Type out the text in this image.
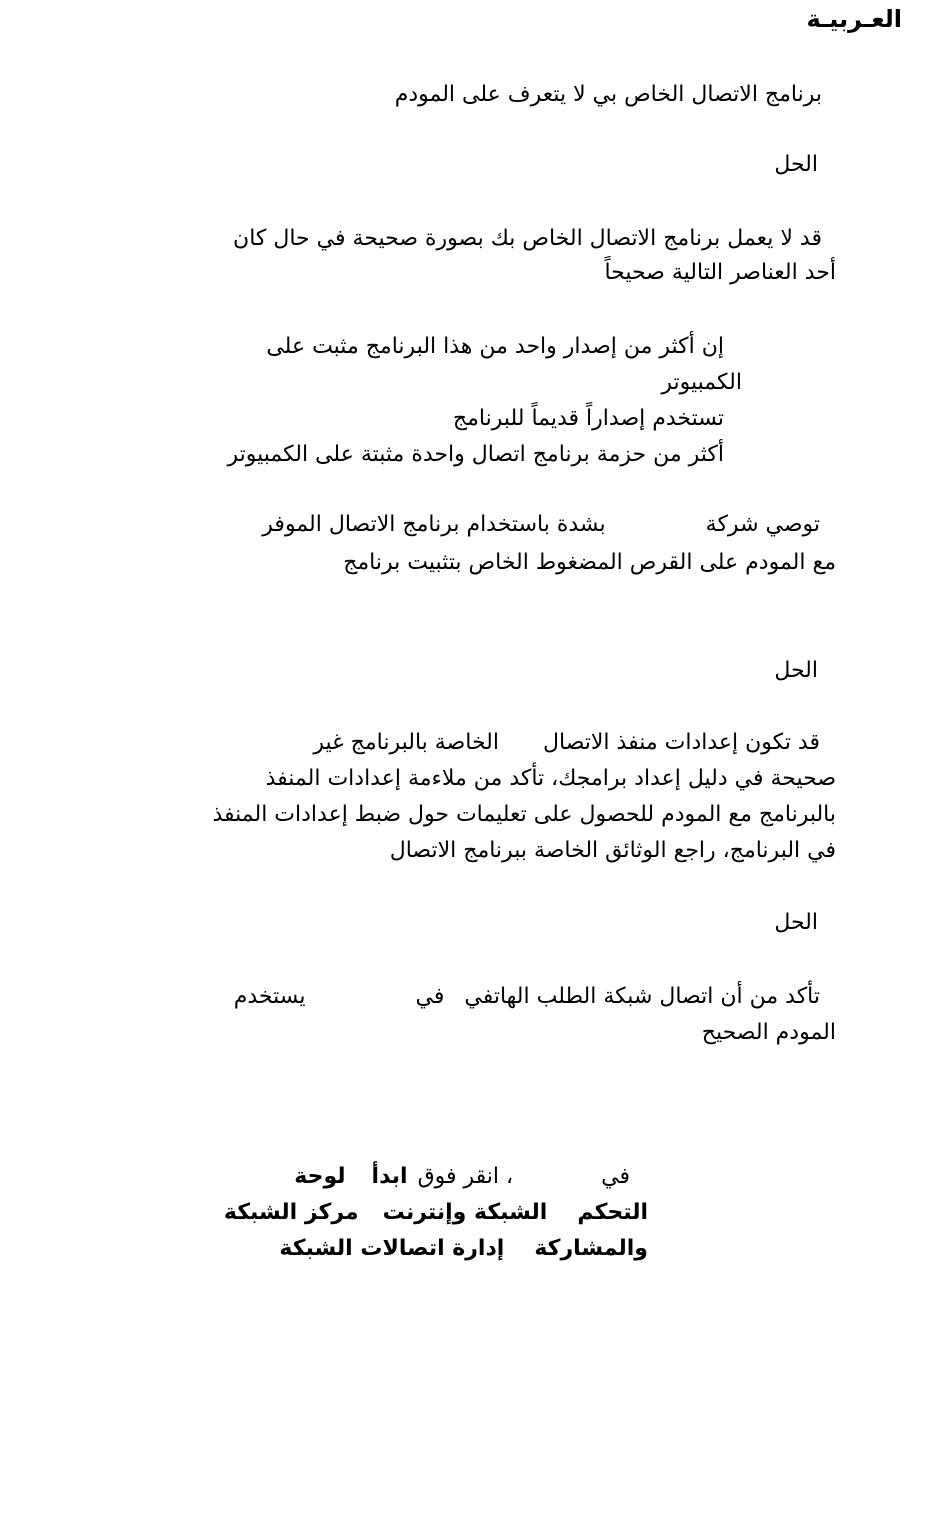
العـربيـة
برنامج الاتصال الخاص بي لا يتعرف على المودم
الحل
قد لا يعمل برنامج الاتصال الخاص بك بصورة صحيحة في حال كان
أحد العناصر التالية صحيحاً
إن أكثر من إصدار واحد من هذا البرنامج مثبت على
الكمبيوتر
تستخدم إصداراً قديماً للبرنامج
أكثر من حزمة برنامج اتصال واحدة مثبتة على الكمبيوتر
توصي شركةبشدة باستخدام برنامج الاتصال الموفر
مع المودم على القرص المضغوط الخاص بتثبيت برنامج
الحل
قد تكون إعدادات منفذ الاتصالالخاصة بالبرنامج غير
صحيحة في دليل إعداد برامجك، تأكد من ملاءمة إعدادات المنفذ
بالبرنامج مع المودم للحصول على تعليمات حول ضبط إعدادات المنفذ
في البرنامج، راجع الوثائق الخاصة ببرنامج الاتصال
الحل
تأكد من أن اتصال شبكة الطلب الهاتفيفييستخدم
المودم الصحيح
في، انقر فوقابدألوحة
التحكمالشبكة وإنترنتمركز الشبكة
والمشاركةإدارة اتصالات الشبكة
